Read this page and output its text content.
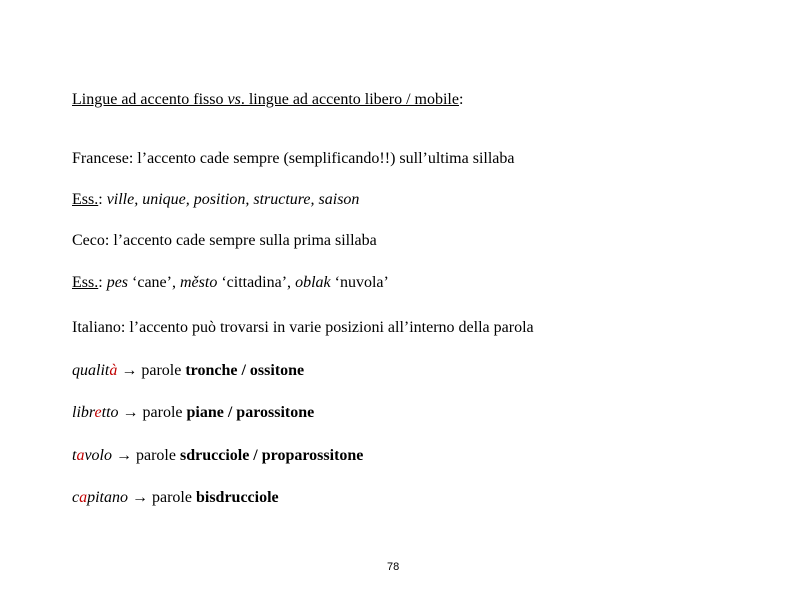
Lingue ad accento fisso vs. lingue ad accento libero / mobile:
Francese: l’accento cade sempre (semplificando!!) sull’ultima sillaba
Ess.: ville, unique, position, structure, saison
Ceco: l’accento cade sempre sulla prima sillaba
Ess.: pes ‘cane’, město ‘cittadina’, oblak ‘nuvola’
Italiano: l’accento può trovarsi in varie posizioni all’interno della parola
qualità → parole tronche / ossitone
libretto → parole piane / parossitone
tavolo → parole sdrucciole / proparossitone
capitano → parole bisdrucciole
78
